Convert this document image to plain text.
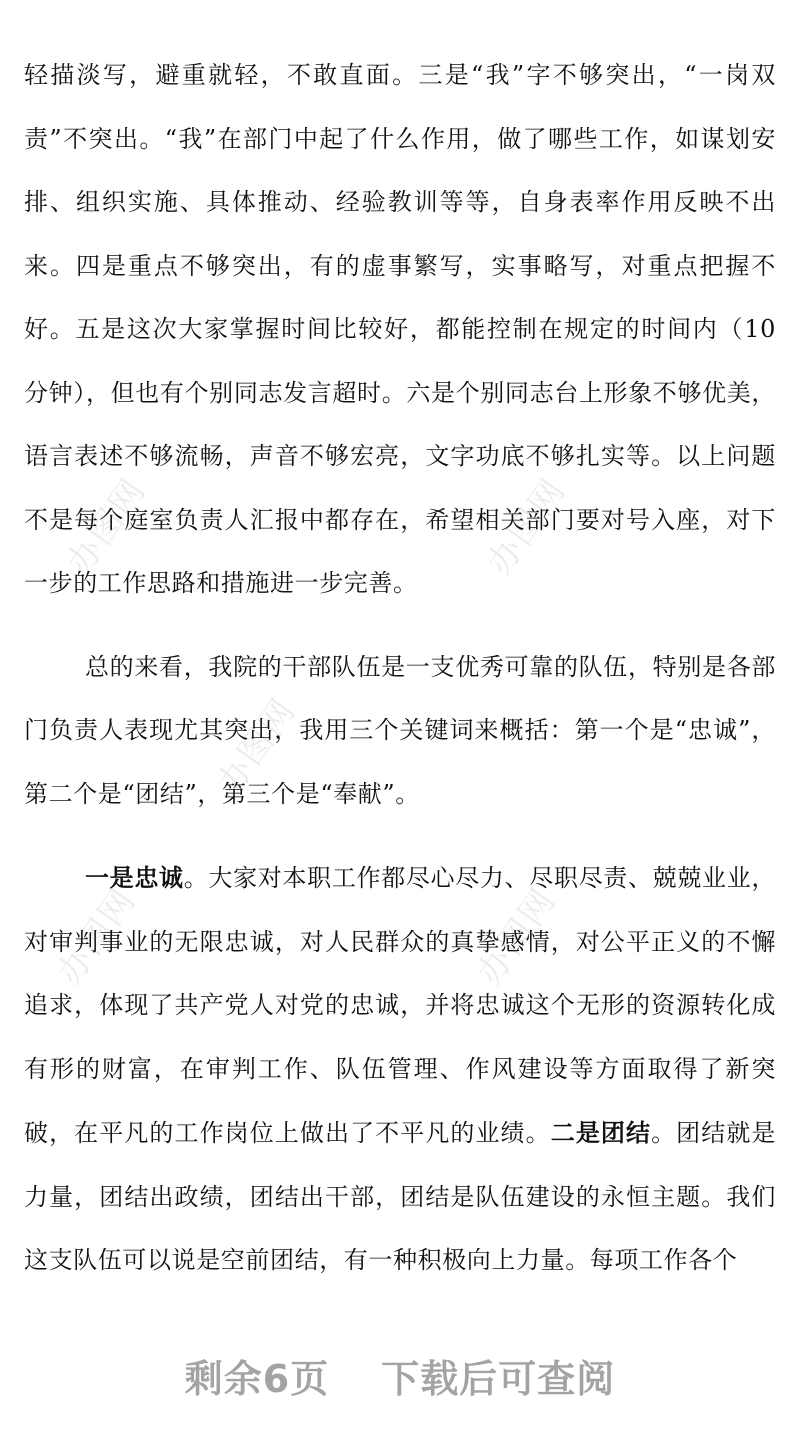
办图网	办图网
办图网
办图网	办图网

轻描淡写，避重就轻，不敢直面。三是“我”字不够突出，“一岗双责”不突出。“我”在部门中起了什么作用，做了哪些工作，如谋划安排、组织实施、具体推动、经验教训等等，自身表率作用反映不出来。四是重点不够突出，有的虚事繁写，实事略写，对重点把握不好。五是这次大家掌握时间比较好，都能控制在规定的时间内（10 分钟），但也有个别同志发言超时。六是个别同志台上形象不够优美，语言表述不够流畅，声音不够宏亮，文字功底不够扎实等。以上问题不是每个庭室负责人汇报中都存在，希望相关部门要对号入座，对下一步的工作思路和措施进一步完善。

总的来看，我院的干部队伍是一支优秀可靠的队伍，特别是各部门负责人表现尤其突出，我用三个关键词来概括：第一个是“忠诚”，第二个是“团结”，第三个是“奉献”。

一是忠诚。大家对本职工作都尽心尽力、尽职尽责、兢兢业业，对审判事业的无限忠诚，对人民群众的真挚感情，对公平正义的不懈追求，体现了共产党人对党的忠诚，并将忠诚这个无形的资源转化成有形的财富，在审判工作、队伍管理、作风建设等方面取得了新突破，在平凡的工作岗位上做出了不平凡的业绩。二是团结。团结就是力量，团结出政绩，团结出干部，团结是队伍建设的永恒主题。我们这支队伍可以说是空前团结，有一种积极向上力量。每项工作各个

剩余6页 下载后可查阅
